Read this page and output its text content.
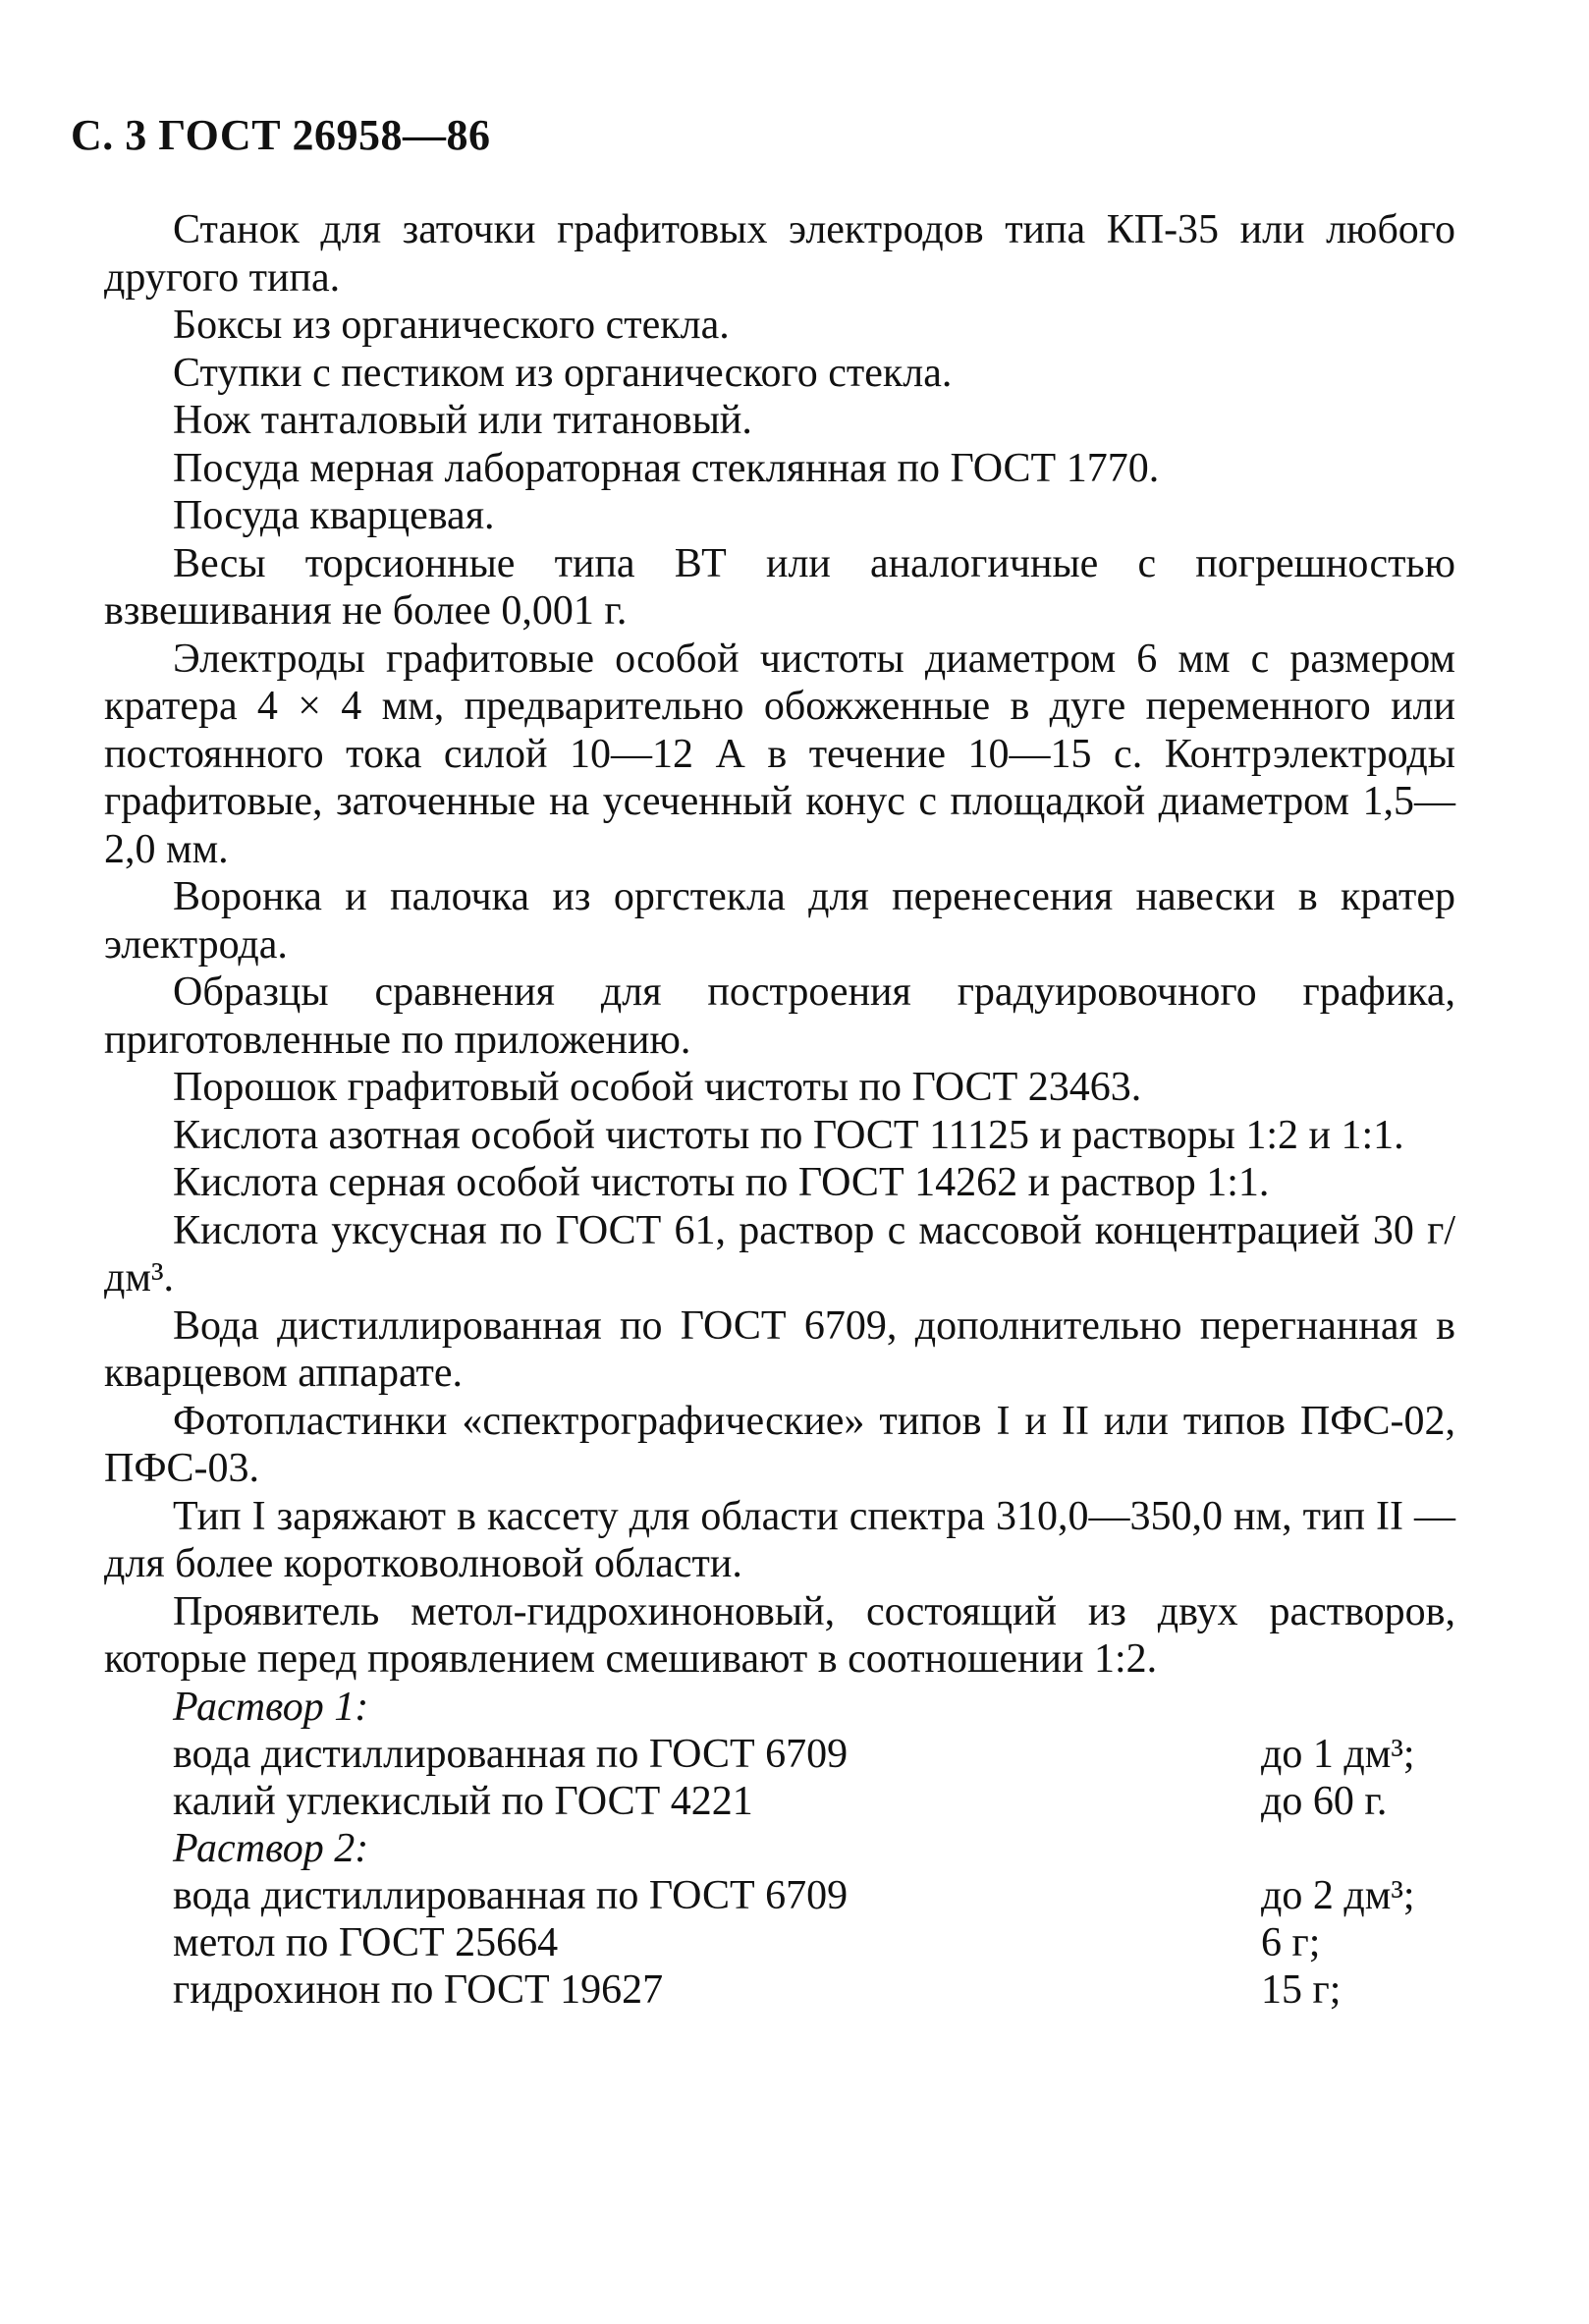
С. 3 ГОСТ 26958—86

Станок для заточки графитовых электродов типа КП-35 или любого другого типа.

Боксы из органического стекла.

Ступки с пестиком из органического стекла.

Нож танталовый или титановый.

Посуда мерная лабораторная стеклянная по ГОСТ 1770.

Посуда кварцевая.

Весы торсионные типа ВТ или аналогичные с погрешностью взвешивания не более 0,001 г.

Электроды графитовые особой чистоты диаметром 6 мм с размером кратера 4 × 4 мм, предварительно обожженные в дуге переменного или постоянного тока силой 10—12 А в течение 10—15 с. Контрэлектроды графитовые, заточенные на усеченный конус с площадкой диаметром 1,5—2,0 мм.

Воронка и палочка из оргстекла для перенесения навески в кратер электрода.

Образцы сравнения для построения градуировочного графика, приготовленные по приложению.

Порошок графитовый особой чистоты по ГОСТ 23463.

Кислота азотная особой чистоты по ГОСТ 11125 и растворы 1:2 и 1:1.

Кислота серная особой чистоты по ГОСТ 14262 и раствор 1:1.

Кислота уксусная по ГОСТ 61, раствор с массовой концентрацией 30 г/дм³.

Вода дистиллированная по ГОСТ 6709, дополнительно перегнанная в кварцевом аппарате.

Фотопластинки «спектрографические» типов I и II или типов ПФС-02, ПФС-03.

Тип I заряжают в кассету для области спектра 310,0—350,0 нм, тип II — для более коротковолновой области.

Проявитель метол-гидрохиноновый, состоящий из двух растворов, которые перед проявлением смешивают в соотношении 1:2.

Раствор 1:

вода дистиллированная по ГОСТ 6709	до 1 дм³;
калий углекислый по ГОСТ 4221	до 60 г.

Раствор 2:

вода дистиллированная по ГОСТ 6709	до 2 дм³;
метол по ГОСТ 25664	6 г;
гидрохинон по ГОСТ 19627	15 г;
